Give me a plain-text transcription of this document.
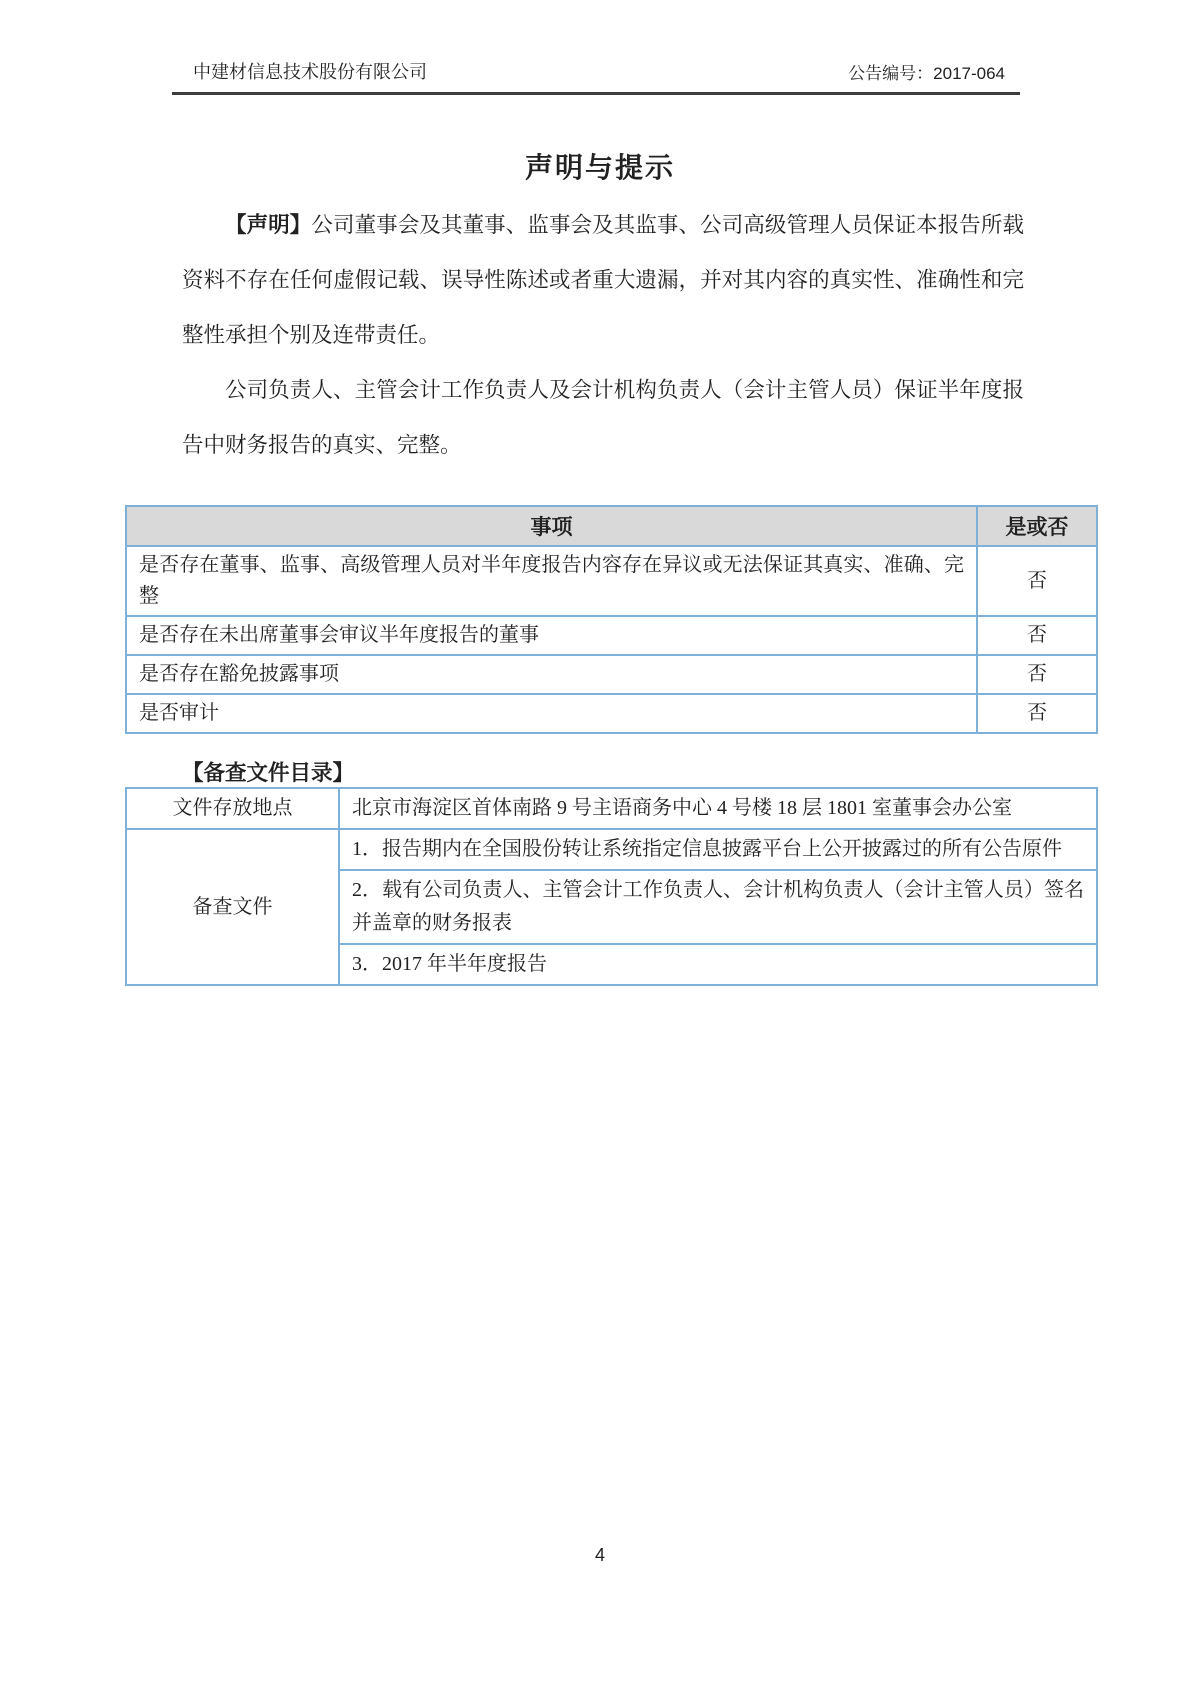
中建材信息技术股份有限公司	公告编号：2017-064
声明与提示

【声明】公司董事会及其董事、监事会及其监事、公司高级管理人员保证本报告所载资料不存在任何虚假记载、误导性陈述或者重大遗漏，并对其内容的真实性、准确性和完整性承担个别及连带责任。

公司负责人、主管会计工作负责人及会计机构负责人（会计主管人员）保证半年度报告中财务报告的真实、完整。

事项	是或否
是否存在董事、监事、高级管理人员对半年度报告内容存在异议或无法保证其真实、准确、完整	否
是否存在未出席董事会审议半年度报告的董事	否
是否存在豁免披露事项	否
是否审计	否
【备查文件目录】
文件存放地点	北京市海淀区首体南路 9 号主语商务中心 4 号楼 18 层 1801 室董事会办公室
备查文件	1．报告期内在全国股份转让系统指定信息披露平台上公开披露过的所有公告原件
	2．载有公司负责人、主管会计工作负责人、会计机构负责人（会计主管人员）签名并盖章的财务报表
	3．2017 年半年度报告
4
